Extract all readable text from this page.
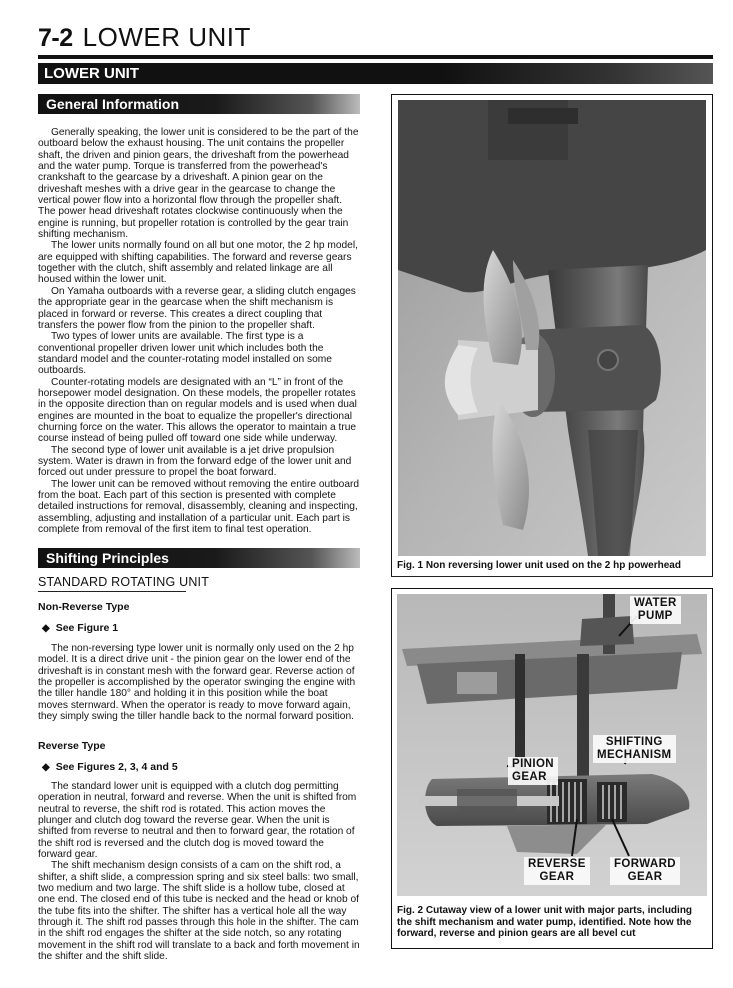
7-2 LOWER UNIT
LOWER UNIT
General Information

Generally speaking, the lower unit is considered to be the part of the outboard below the exhaust housing. The unit contains the propeller shaft, the driven and pinion gears, the driveshaft from the powerhead and the water pump. Torque is transferred from the powerhead's crankshaft to the gearcase by a driveshaft. A pinion gear on the driveshaft meshes with a drive gear in the gearcase to change the vertical power flow into a horizontal flow through the propeller shaft. The power head driveshaft rotates clockwise continuously when the engine is running, but propeller rotation is controlled by the gear train shifting mechanism.

The lower units normally found on all but one motor, the 2 hp model, are equipped with shifting capabilities. The forward and reverse gears together with the clutch, shift assembly and related linkage are all housed within the lower unit.

On Yamaha outboards with a reverse gear, a sliding clutch engages the appropriate gear in the gearcase when the shift mechanism is placed in forward or reverse. This creates a direct coupling that transfers the power flow from the pinion to the propeller shaft.

Two types of lower units are available. The first type is a conventional propeller driven lower unit which includes both the standard model and the counter-rotating model installed on some outboards.

Counter-rotating models are designated with an “L” in front of the horsepower model designation. On these models, the propeller rotates in the opposite direction than on regular models and is used when dual engines are mounted in the boat to equalize the propeller's directional churning force on the water. This allows the operator to maintain a true course instead of being pulled off toward one side while underway.

The second type of lower unit available is a jet drive propulsion system. Water is drawn in from the forward edge of the lower unit and forced out under pressure to propel the boat forward.

The lower unit can be removed without removing the entire outboard from the boat. Each part of this section is presented with complete detailed instructions for removal, disassembly, cleaning and inspecting, assembling, adjusting and installation of a particular unit. Each part is complete from removal of the first item to final test operation.

Shifting Principles
STANDARD ROTATING UNIT
Non-Reverse Type
◆ See Figure 1

The non-reversing type lower unit is normally only used on the 2 hp model. It is a direct drive unit - the pinion gear on the lower end of the driveshaft is in constant mesh with the forward gear. Reverse action of the propeller is accomplished by the operator swinging the engine with the tiller handle 180° and holding it in this position while the boat moves sternward. When the operator is ready to move forward again, they simply swing the tiller handle back to the normal forward position.

Reverse Type
◆ See Figures 2, 3, 4 and 5

The standard lower unit is equipped with a clutch dog permitting operation in neutral, forward and reverse. When the unit is shifted from neutral to reverse, the shift rod is rotated. This action moves the plunger and clutch dog toward the reverse gear. When the unit is shifted from reverse to neutral and then to forward gear, the rotation of the shift rod is reversed and the clutch dog is moved toward the forward gear.

The shift mechanism design consists of a cam on the shift rod, a shifter, a shift slide, a compression spring and six steel balls: two small, two medium and two large. The shift slide is a hollow tube, closed at one end. The closed end of this tube is necked and the head or knob of the tube fits into the shifter. The shifter has a vertical hole all the way through it. The shift rod passes through this hole in the shifter. The cam in the shift rod engages the shifter at the side notch, so any rotating movement in the shift rod will translate to a back and forth movement in the shifter and the shift slide.

Fig. 1 Non reversing lower unit used on the 2 hp powerhead
WATER
PUMP
SHIFTING
MECHANISM
PINION
GEAR
REVERSE
GEAR
FORWARD
GEAR
Fig. 2 Cutaway view of a lower unit with major parts, including the shift mechanism and water pump, identified. Note how the forward, reverse and pinion gears are all bevel cut
